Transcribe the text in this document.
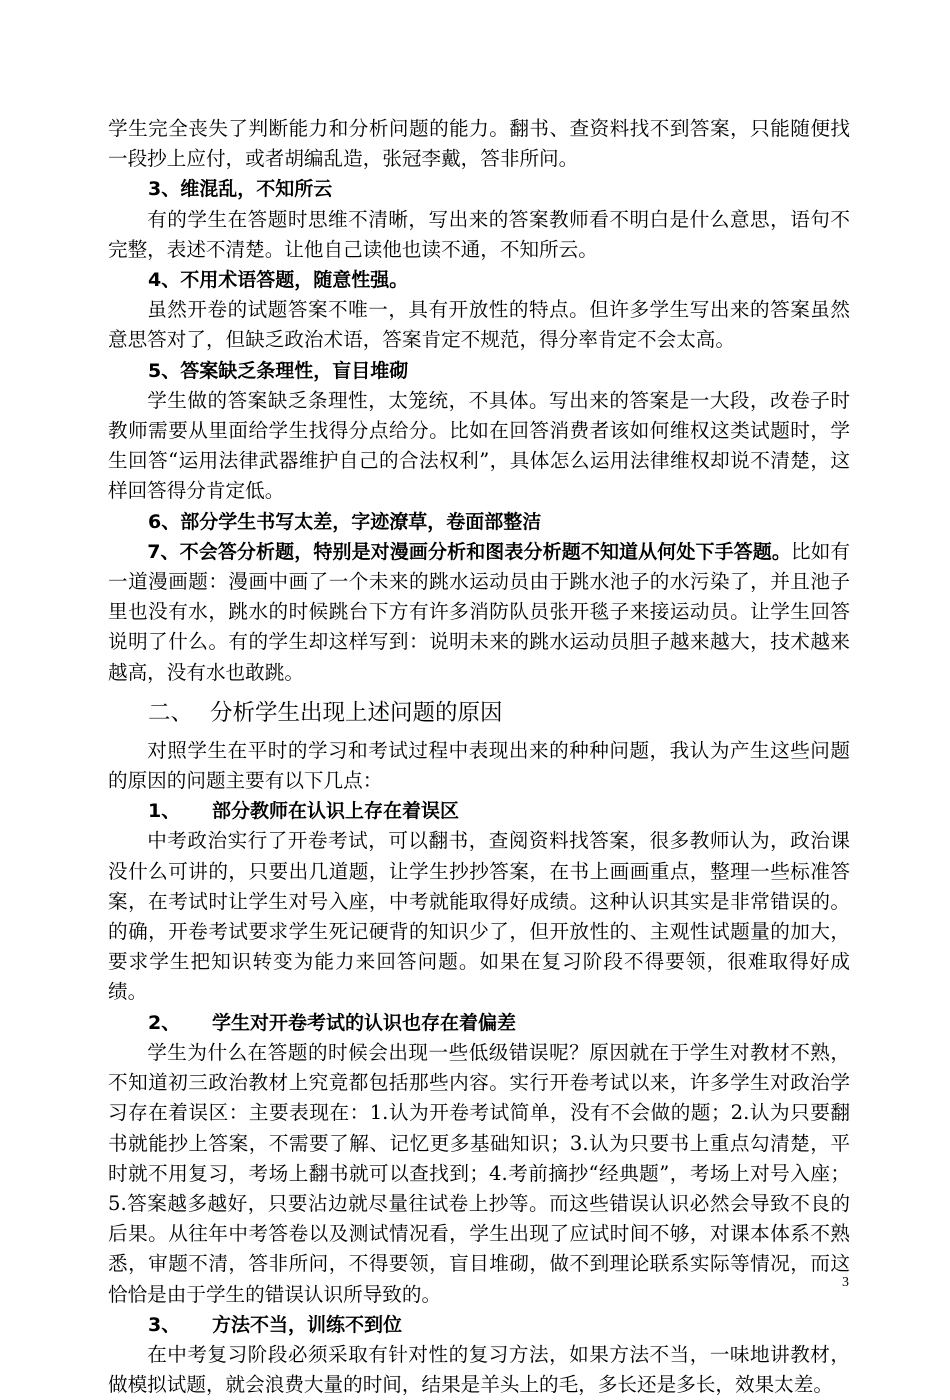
学生完全丧失了判断能力和分析问题的能力。翻书、查资料找不到答案，只能随便找一段抄上应付，或者胡编乱造，张冠李戴，答非所问。

3、维混乱，不知所云

有的学生在答题时思维不清晰，写出来的答案教师看不明白是什么意思，语句不完整，表述不清楚。让他自己读他也读不通，不知所云。

4、不用术语答题，随意性强。

虽然开卷的试题答案不唯一，具有开放性的特点。但许多学生写出来的答案虽然意思答对了，但缺乏政治术语，答案肯定不规范，得分率肯定不会太高。

5、答案缺乏条理性，盲目堆砌

学生做的答案缺乏条理性，太笼统，不具体。写出来的答案是一大段，改卷子时教师需要从里面给学生找得分点给分。比如在回答消费者该如何维权这类试题时，学生回答“运用法律武器维护自己的合法权利”，具体怎么运用法律维权却说不清楚，这样回答得分肯定低。

6、部分学生书写太差，字迹潦草，卷面部整洁

7、不会答分析题，特别是对漫画分析和图表分析题不知道从何处下手答题。比如有一道漫画题：漫画中画了一个未来的跳水运动员由于跳水池子的水污染了，并且池子里也没有水，跳水的时候跳台下方有许多消防队员张开毯子来接运动员。让学生回答说明了什么。有的学生却这样写到：说明未来的跳水运动员胆子越来越大，技术越来越高，没有水也敢跳。

二、 分析学生出现上述问题的原因

对照学生在平时的学习和考试过程中表现出来的种种问题，我认为产生这些问题的原因的问题主要有以下几点：

1、 部分教师在认识上存在着误区

中考政治实行了开卷考试，可以翻书，查阅资料找答案，很多教师认为，政治课没什么可讲的，只要出几道题，让学生抄抄答案，在书上画画重点，整理一些标准答案，在考试时让学生对号入座，中考就能取得好成绩。这种认识其实是非常错误的。的确，开卷考试要求学生死记硬背的知识少了，但开放性的、主观性试题量的加大，要求学生把知识转变为能力来回答问题。如果在复习阶段不得要领，很难取得好成绩。

2、 学生对开卷考试的认识也存在着偏差

学生为什么在答题的时候会出现一些低级错误呢？原因就在于学生对教材不熟，不知道初三政治教材上究竟都包括那些内容。实行开卷考试以来，许多学生对政治学习存在着误区：主要表现在：1.认为开卷考试简单，没有不会做的题；2.认为只要翻书就能抄上答案，不需要了解、记忆更多基础知识；3.认为只要书上重点勾清楚，平时就不用复习，考场上翻书就可以查找到；4.考前摘抄“经典题”，考场上对号入座；5.答案越多越好，只要沾边就尽量往试卷上抄等。而这些错误认识必然会导致不良的后果。从往年中考答卷以及测试情况看，学生出现了应试时间不够，对课本体系不熟悉，审题不清，答非所问，不得要领，盲目堆砌，做不到理论联系实际等情况，而这恰恰是由于学生的错误认识所导致的。

3、 方法不当，训练不到位

在中考复习阶段必须采取有针对性的复习方法，如果方法不当，一味地讲教材，做模拟试题，就会浪费大量的时间，结果是羊头上的毛，多长还是多长，效果太差。

3
